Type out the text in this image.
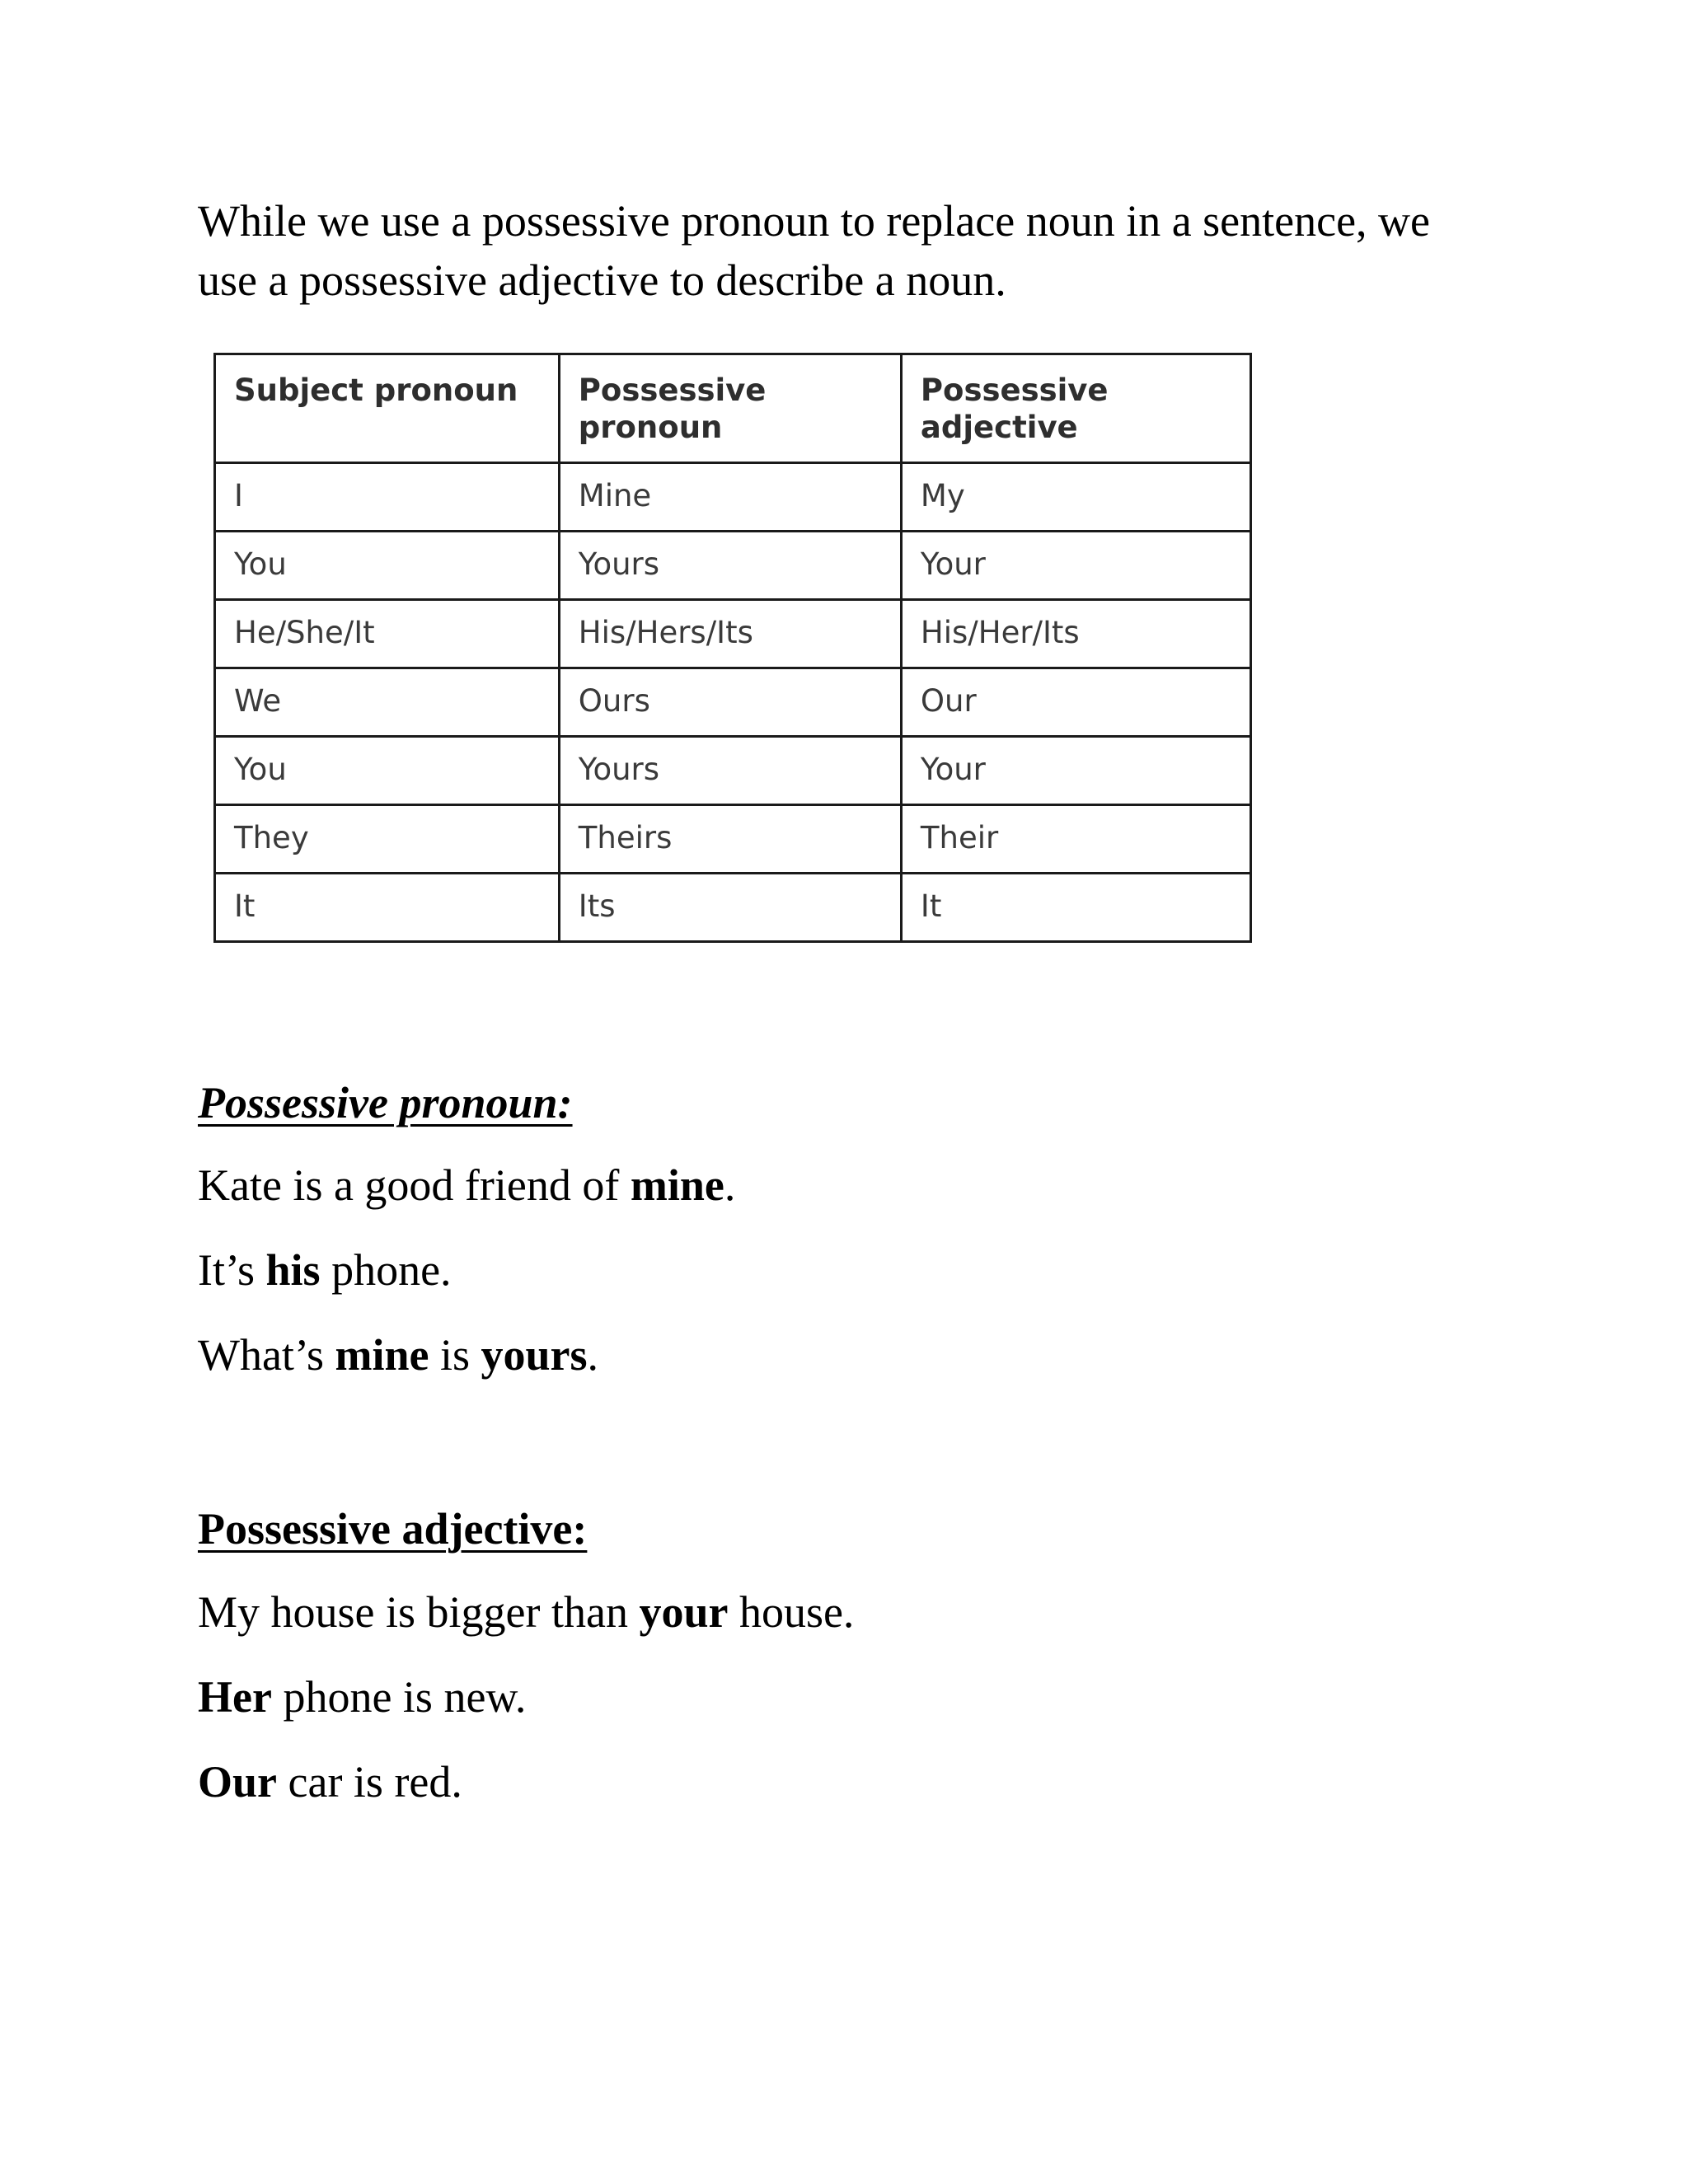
While we use a possessive pronoun to replace noun in a sentence, we
use a possessive adjective to describe a noun.

Subject pronoun	Possessive pronoun	Possessive adjective
I	Mine	My
You	Yours	Your
He/She/It	His/Hers/Its	His/Her/Its
We	Ours	Our
You	Yours	Your
They	Theirs	Their
It	Its	It

Possessive pronoun:

Kate is a good friend of mine.

It’s his phone.

What’s mine is yours.

Possessive adjective:

My house is bigger than your house.

Her phone is new.

Our car is red.
